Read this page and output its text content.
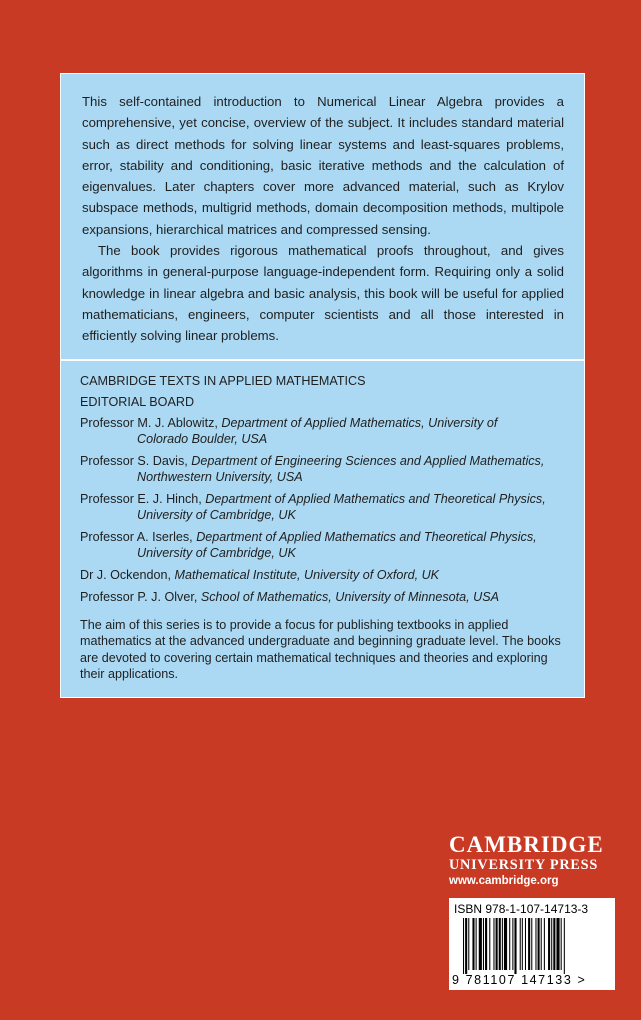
This self-contained introduction to Numerical Linear Algebra provides a comprehensive, yet concise, overview of the subject. It includes standard material such as direct methods for solving linear systems and least-squares problems, error, stability and conditioning, basic iterative methods and the calculation of eigenvalues. Later chapters cover more advanced material, such as Krylov subspace methods, multigrid methods, domain decomposition methods, multipole expansions, hierarchical matrices and compressed sensing.

The book provides rigorous mathematical proofs throughout, and gives algorithms in general-purpose language-independent form. Requiring only a solid knowledge in linear algebra and basic analysis, this book will be useful for applied mathematicians, engineers, computer scientists and all those interested in efficiently solving linear problems.

CAMBRIDGE TEXTS IN APPLIED MATHEMATICS
EDITORIAL BOARD
Professor M. J. Ablowitz, Department of Applied Mathematics, University of
Colorado Boulder, USA
Professor S. Davis, Department of Engineering Sciences and Applied Mathematics,
Northwestern University, USA
Professor E. J. Hinch, Department of Applied Mathematics and Theoretical Physics,
University of Cambridge, UK
Professor A. Iserles, Department of Applied Mathematics and Theoretical Physics,
University of Cambridge, UK
Dr J. Ockendon, Mathematical Institute, University of Oxford, UK
Professor P. J. Olver, School of Mathematics, University of Minnesota, USA
The aim of this series is to provide a focus for publishing textbooks in applied mathematics at the advanced undergraduate and beginning graduate level. The books are devoted to covering certain mathematical techniques and theories and exploring their applications.
CAMBRIDGE
UNIVERSITY PRESS
www.cambridge.org
ISBN 978-1-107-14713-3
9 781107 147133 >
